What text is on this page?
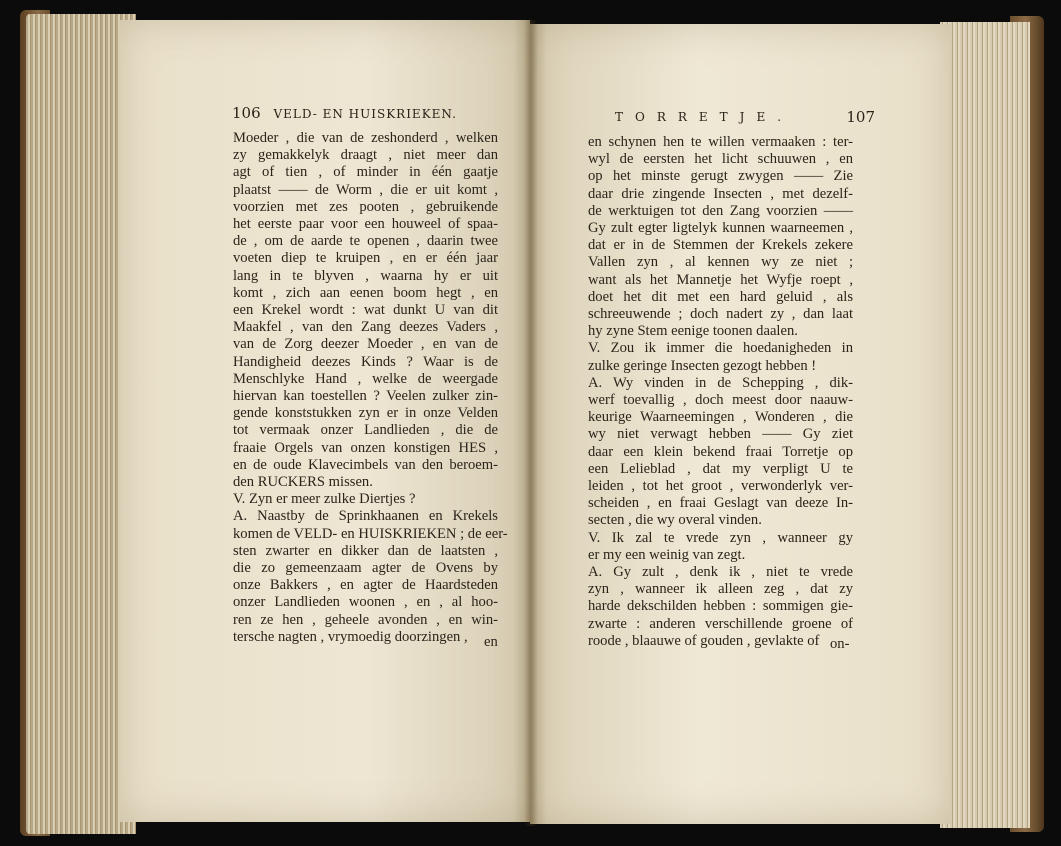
106 VELD- EN HUISKRIEKEN.
Moeder , die van de zeshonderd , welken
zy gemakkelyk draagt , niet meer dan
agt of tien , of minder in één gaatje
plaatst —— de Worm , die er uit komt ,
voorzien met zes pooten , gebruikende
het eerste paar voor een houweel of spaa-
de , om de aarde te openen , daarin twee
voeten diep te kruipen , en er één jaar
lang in te blyven , waarna hy er uit
komt , zich aan eenen boom hegt , en
een Krekel wordt : wat dunkt U van dit
Maakfel , van den Zang deezes Vaders ,
van de Zorg deezer Moeder , en van de
Handigheid deezes Kinds ? Waar is de
Menschlyke Hand , welke de weergade
hiervan kan toestellen ? Veelen zulker zin-
gende konststukken zyn er in onze Velden
tot vermaak onzer Landlieden , die de
fraaie Orgels van onzen konstigen HES ,
en de oude Klavecimbels van den beroem-
den RUCKERS missen.
V. Zyn er meer zulke Diertjes ?
A. Naastby de Sprinkhaanen en Krekels
komen de VELD- en HUISKRIEKEN ; de eer-
sten zwarter en dikker dan de laatsten ,
die zo gemeenzaam agter de Ovens by
onze Bakkers , en agter de Haardsteden
onzer Landlieden woonen , en , al hoo-
ren ze hen , geheele avonden , en win-
tersche nagten , vrymoedig doorzingen ,	en
TORRETJE.	107
en schynen hen te willen vermaaken : ter-
wyl de eersten het licht schuuwen , en
op het minste gerugt zwygen —— Zie
daar drie zingende Insecten , met dezelf-
de werktuigen tot den Zang voorzien ——
Gy zult egter ligtelyk kunnen waarneemen ,
dat er in de Stemmen der Krekels zekere
Vallen zyn , al kennen wy ze niet ;
want als het Mannetje het Wyfje roept ,
doet het dit met een hard geluid , als
schreeuwende ; doch nadert zy , dan laat
hy zyne Stem eenige toonen daalen.
V. Zou ik immer die hoedanigheden in
zulke geringe Insecten gezogt hebben !
A. Wy vinden in de Schepping , dik-
werf toevallig , doch meest door naauw-
keurige Waarneemingen , Wonderen , die
wy niet verwagt hebben —— Gy ziet
daar een klein bekend fraai Torretje op
een Lelieblad , dat my verpligt U te
leiden , tot het groot , verwonderlyk ver-
scheiden , en fraai Geslagt van deeze In-
secten , die wy overal vinden.
V. Ik zal te vrede zyn , wanneer gy
er my een weinig van zegt.
A. Gy zult , denk ik , niet te vrede
zyn , wanneer ik alleen zeg , dat zy
harde dekschilden hebben : sommigen gie-
zwarte : anderen verschillende groene of
roode , blaauwe of gouden , gevlakte of on-
